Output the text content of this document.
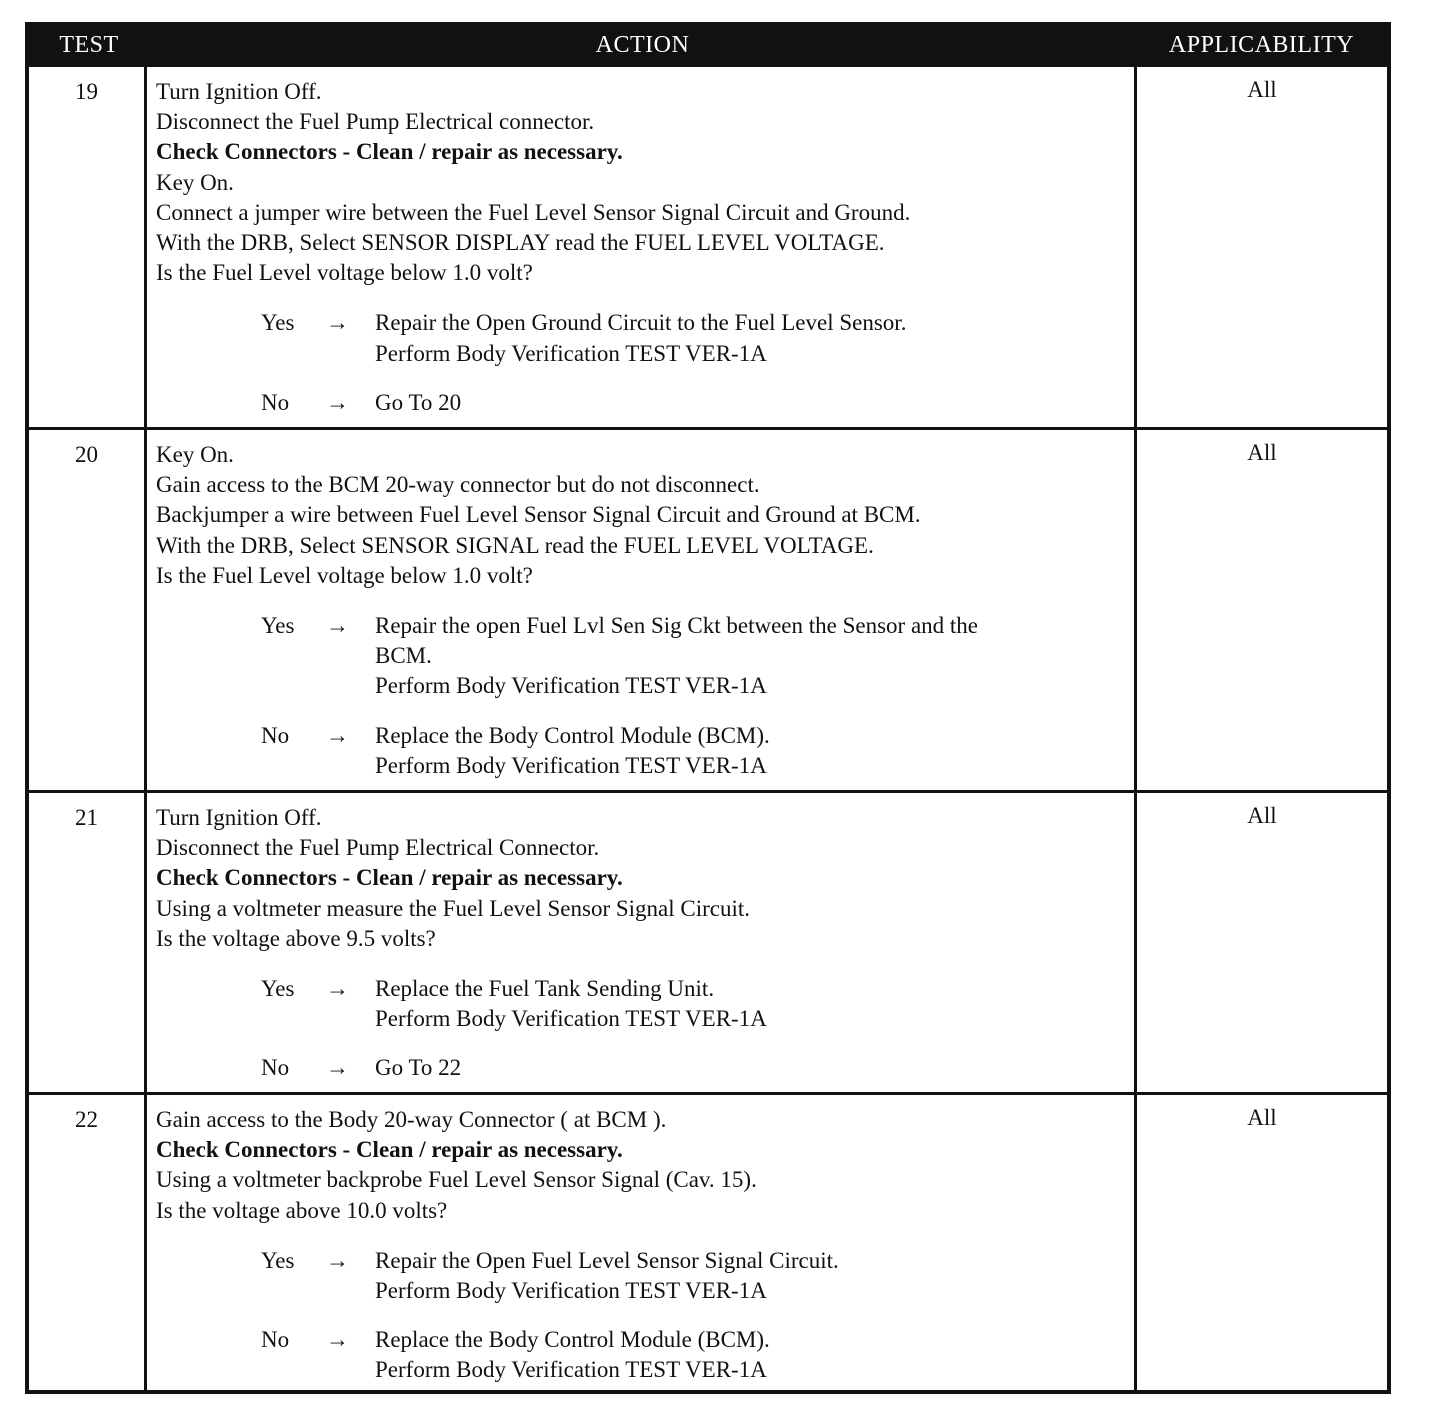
TEST	ACTION	APPLICABILITY
19	Turn Ignition Off.
Disconnect the Fuel Pump Electrical connector.
Check Connectors - Clean / repair as necessary.
Key On.
Connect a jumper wire between the Fuel Level Sensor Signal Circuit and Ground.
With the DRB, Select SENSOR DISPLAY read the FUEL LEVEL VOLTAGE.
Is the Fuel Level voltage below 1.0 volt?
Yes → Repair the Open Ground Circuit to the Fuel Level Sensor.
Perform Body Verification TEST VER-1A
No → Go To 20
All
20	Key On.
Gain access to the BCM 20-way connector but do not disconnect.
Backjumper a wire between Fuel Level Sensor Signal Circuit and Ground at BCM.
With the DRB, Select SENSOR SIGNAL read the FUEL LEVEL VOLTAGE.
Is the Fuel Level voltage below 1.0 volt?
Yes → Repair the open Fuel Lvl Sen Sig Ckt between the Sensor and the
BCM.
Perform Body Verification TEST VER-1A
No → Replace the Body Control Module (BCM).
Perform Body Verification TEST VER-1A
All
21	Turn Ignition Off.
Disconnect the Fuel Pump Electrical Connector.
Check Connectors - Clean / repair as necessary.
Using a voltmeter measure the Fuel Level Sensor Signal Circuit.
Is the voltage above 9.5 volts?
Yes → Replace the Fuel Tank Sending Unit.
Perform Body Verification TEST VER-1A
No → Go To 22
All
22	Gain access to the Body 20-way Connector ( at BCM ).
Check Connectors - Clean / repair as necessary.
Using a voltmeter backprobe Fuel Level Sensor Signal (Cav. 15).
Is the voltage above 10.0 volts?
Yes → Repair the Open Fuel Level Sensor Signal Circuit.
Perform Body Verification TEST VER-1A
No → Replace the Body Control Module (BCM).
Perform Body Verification TEST VER-1A
All
